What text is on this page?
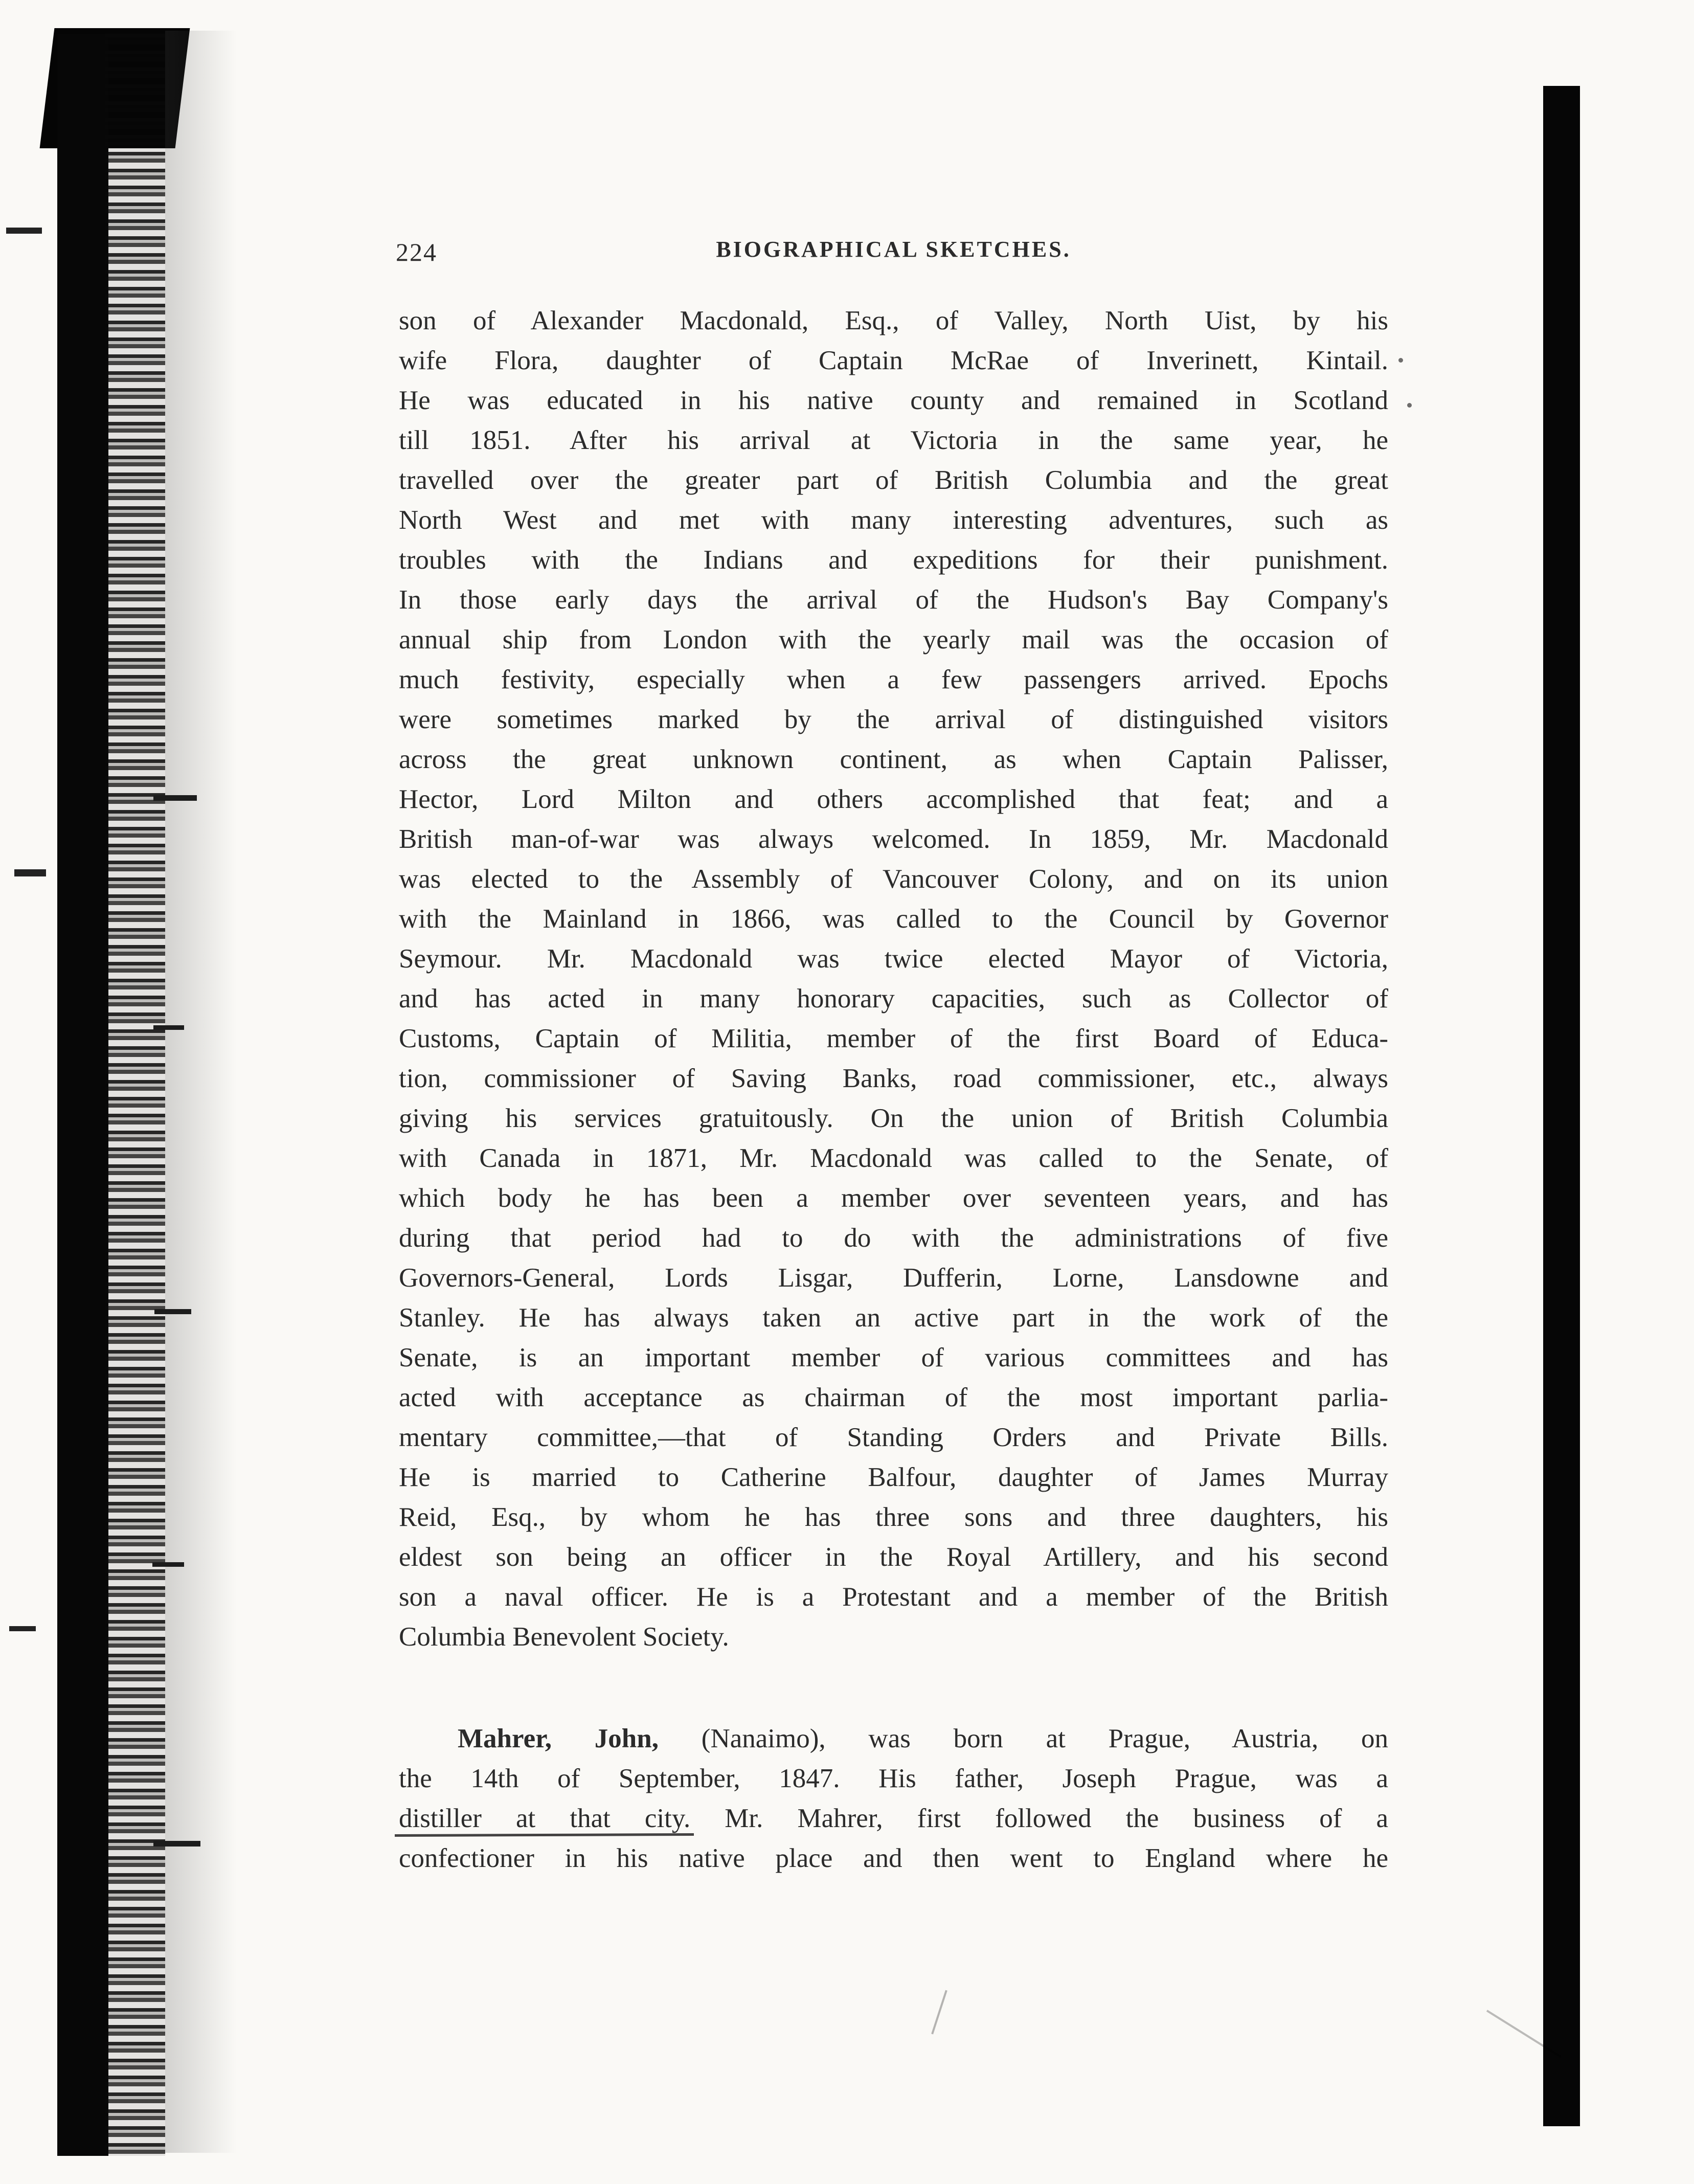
224	BIOGRAPHICAL SKETCHES.
son of Alexander Macdonald, Esq., of Valley, North Uist, by his
wife Flora, daughter of Captain McRae of Inverinett, Kintail.
He was educated in his native county and remained in Scotland
till 1851. After his arrival at Victoria in the same year, he
travelled over the greater part of British Columbia and the great
North West and met with many interesting adventures, such as
troubles with the Indians and expeditions for their punishment.
In those early days the arrival of the Hudson's Bay Company's
annual ship from London with the yearly mail was the occasion of
much festivity, especially when a few passengers arrived. Epochs
were sometimes marked by the arrival of distinguished visitors
across the great unknown continent, as when Captain Palisser,
Hector, Lord Milton and others accomplished that feat; and a
British man-of-war was always welcomed. In 1859, Mr. Macdonald
was elected to the Assembly of Vancouver Colony, and on its union
with the Mainland in 1866, was called to the Council by Governor
Seymour. Mr. Macdonald was twice elected Mayor of Victoria,
and has acted in many honorary capacities, such as Collector of
Customs, Captain of Militia, member of the first Board of Educa-
tion, commissioner of Saving Banks, road commissioner, etc., always
giving his services gratuitously. On the union of British Columbia
with Canada in 1871, Mr. Macdonald was called to the Senate, of
which body he has been a member over seventeen years, and has
during that period had to do with the administrations of five
Governors-General, Lords Lisgar, Dufferin, Lorne, Lansdowne and
Stanley. He has always taken an active part in the work of the
Senate, is an important member of various committees and has
acted with acceptance as chairman of the most important parlia-
mentary committee,—that of Standing Orders and Private Bills.
He is married to Catherine Balfour, daughter of James Murray
Reid, Esq., by whom he has three sons and three daughters, his
eldest son being an officer in the Royal Artillery, and his second
son a naval officer. He is a Protestant and a member of the British
Columbia Benevolent Society.
Mahrer, John, (Nanaimo), was born at Prague, Austria, on
the 14th of September, 1847. His father, Joseph Prague, was a
distiller at that city. Mr. Mahrer, first followed the business of a
confectioner in his native place and then went to England where he
